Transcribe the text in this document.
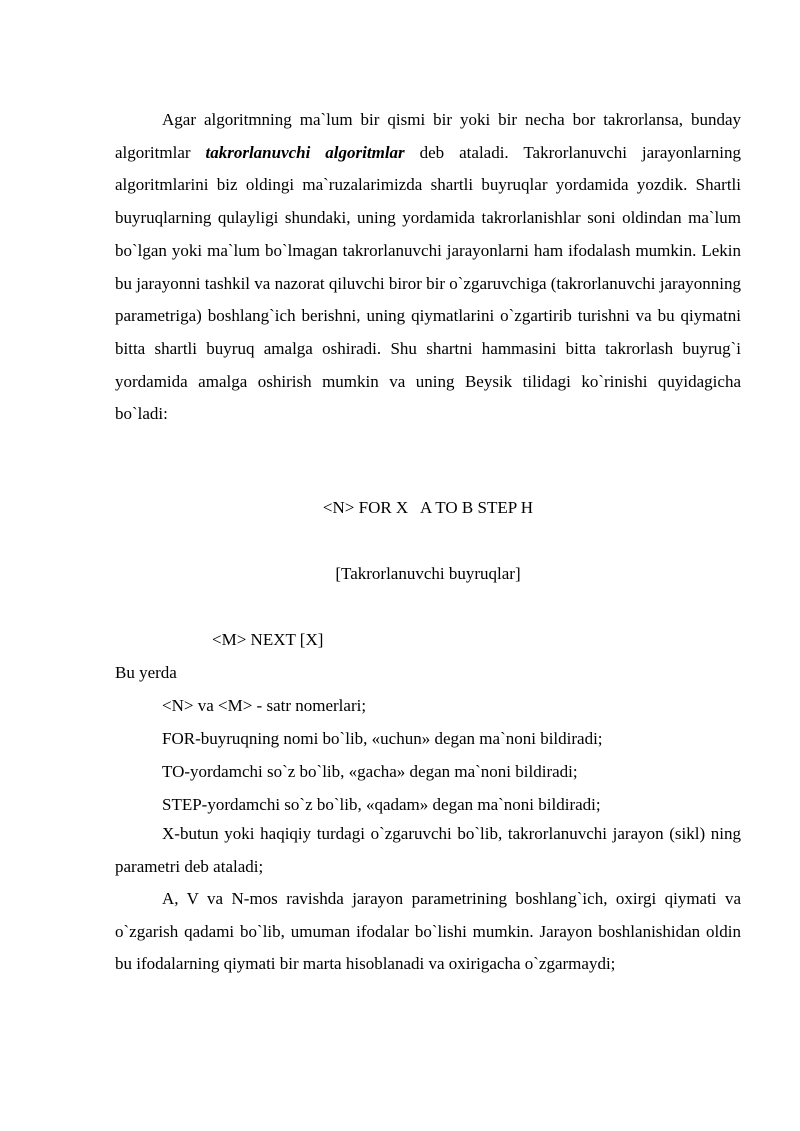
Agar algoritmning ma`lum bir qismi bir yoki bir necha bor takrorlansa, bunday algoritmlar takrorlanuvchi algoritmlar deb ataladi. Takrorlanuvchi jarayonlarning algoritmlarini biz oldingi ma`ruzalarimizda shartli buyruqlar yordamida yozdik. Shartli buyruqlarning qulayligi shundaki, uning yordamida takrorlanishlar soni oldindan ma`lum bo`lgan yoki ma`lum bo`lmagan takrorlanuvchi jarayonlarni ham ifodalash mumkin. Lekin bu jarayonni tashkil va nazorat qiluvchi biror bir o`zgaruvchiga (takrorlanuvchi jarayonning parametriga) boshlang`ich berishni, uning qiymatlarini o`zgartirib turishni va bu qiymatni bitta shartli buyruq amalga oshiradi. Shu shartni hammasini bitta takrorlash buyrug`i yordamida amalga oshirish mumkin va uning Beysik tilidagi ko`rinishi quyidagicha bo`ladi:

<N> FOR X   A TO B STEP H

[Takrorlanuvchi buyruqlar]

<M> NEXT [X]

Bu yerda

<N> va <M> - satr nomerlari;

FOR-buyruqning nomi bo`lib, «uchun» degan ma`noni bildiradi;

TO-yordamchi so`z bo`lib, «gacha» degan ma`noni bildiradi;

STEP-yordamchi so`z bo`lib, «qadam» degan ma`noni bildiradi;

X-butun yoki haqiqiy turdagi o`zgaruvchi bo`lib, takrorlanuvchi jarayon (sikl) ning parametri deb ataladi;

A, V va N-mos ravishda jarayon parametrining boshlang`ich, oxirgi qiymati va o`zgarish qadami bo`lib, umuman ifodalar bo`lishi mumkin. Jarayon boshlanishidan oldin bu ifodalarning qiymati bir marta hisoblanadi va oxirigacha o`zgarmaydi;
